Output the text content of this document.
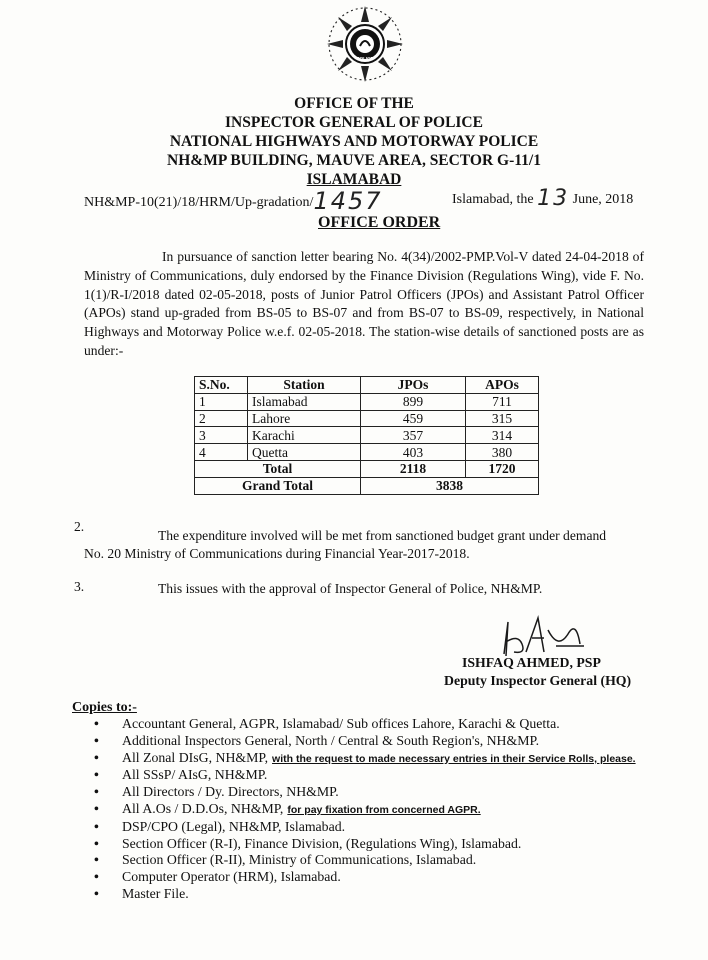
POLICE
OFFICE OF THE
INSPECTOR GENERAL OF POLICE
NATIONAL HIGHWAYS AND MOTORWAY POLICE
NH&MP BUILDING, MAUVE AREA, SECTOR G-11/1
ISLAMABAD
NH&MP-10(21)/18/HRM/Up-gradation/1457	Islamabad, the 13 June, 2018
OFFICE ORDER
In pursuance of sanction letter bearing No. 4(34)/2002-PMP.Vol-V dated 24-04-2018 of Ministry of Communications, duly endorsed by the Finance Division (Regulations Wing), vide F. No. 1(1)/R-I/2018 dated 02-05-2018, posts of Junior Patrol Officers (JPOs) and Assistant Patrol Officer (APOs) stand up-graded from BS-05 to BS-07 and from BS-07 to BS-09, respectively, in National Highways and Motorway Police w.e.f. 02-05-2018. The station-wise details of sanctioned posts are as under:-
S.No.	Station	JPOs	APOs
1	Islamabad	899	711
2	Lahore	459	315
3	Karachi	357	314
4	Quetta	403	380
Total		2118	1720
Grand Total		3838	
2.
The expenditure involved will be met from sanctioned budget grant under demand
No. 20 Ministry of Communications during Financial Year-2017-2018.
3.	This issues with the approval of Inspector General of Police, NH&MP.
ISHFAQ AHMED, PSP
Deputy Inspector General (HQ)
Copies to:-
• Accountant General, AGPR, Islamabad/ Sub offices Lahore, Karachi & Quetta.
• Additional Inspectors General, North / Central & South Region's, NH&MP.
• All Zonal DIsG, NH&MP, with the request to made necessary entries in their Service Rolls, please.
• All SSsP/ AIsG, NH&MP.
• All Directors / Dy. Directors, NH&MP.
• All A.Os / D.D.Os, NH&MP, for pay fixation from concerned AGPR.
• DSP/CPO (Legal), NH&MP, Islamabad.
• Section Officer (R-I), Finance Division, (Regulations Wing), Islamabad.
• Section Officer (R-II), Ministry of Communications, Islamabad.
• Computer Operator (HRM), Islamabad.
• Master File.
